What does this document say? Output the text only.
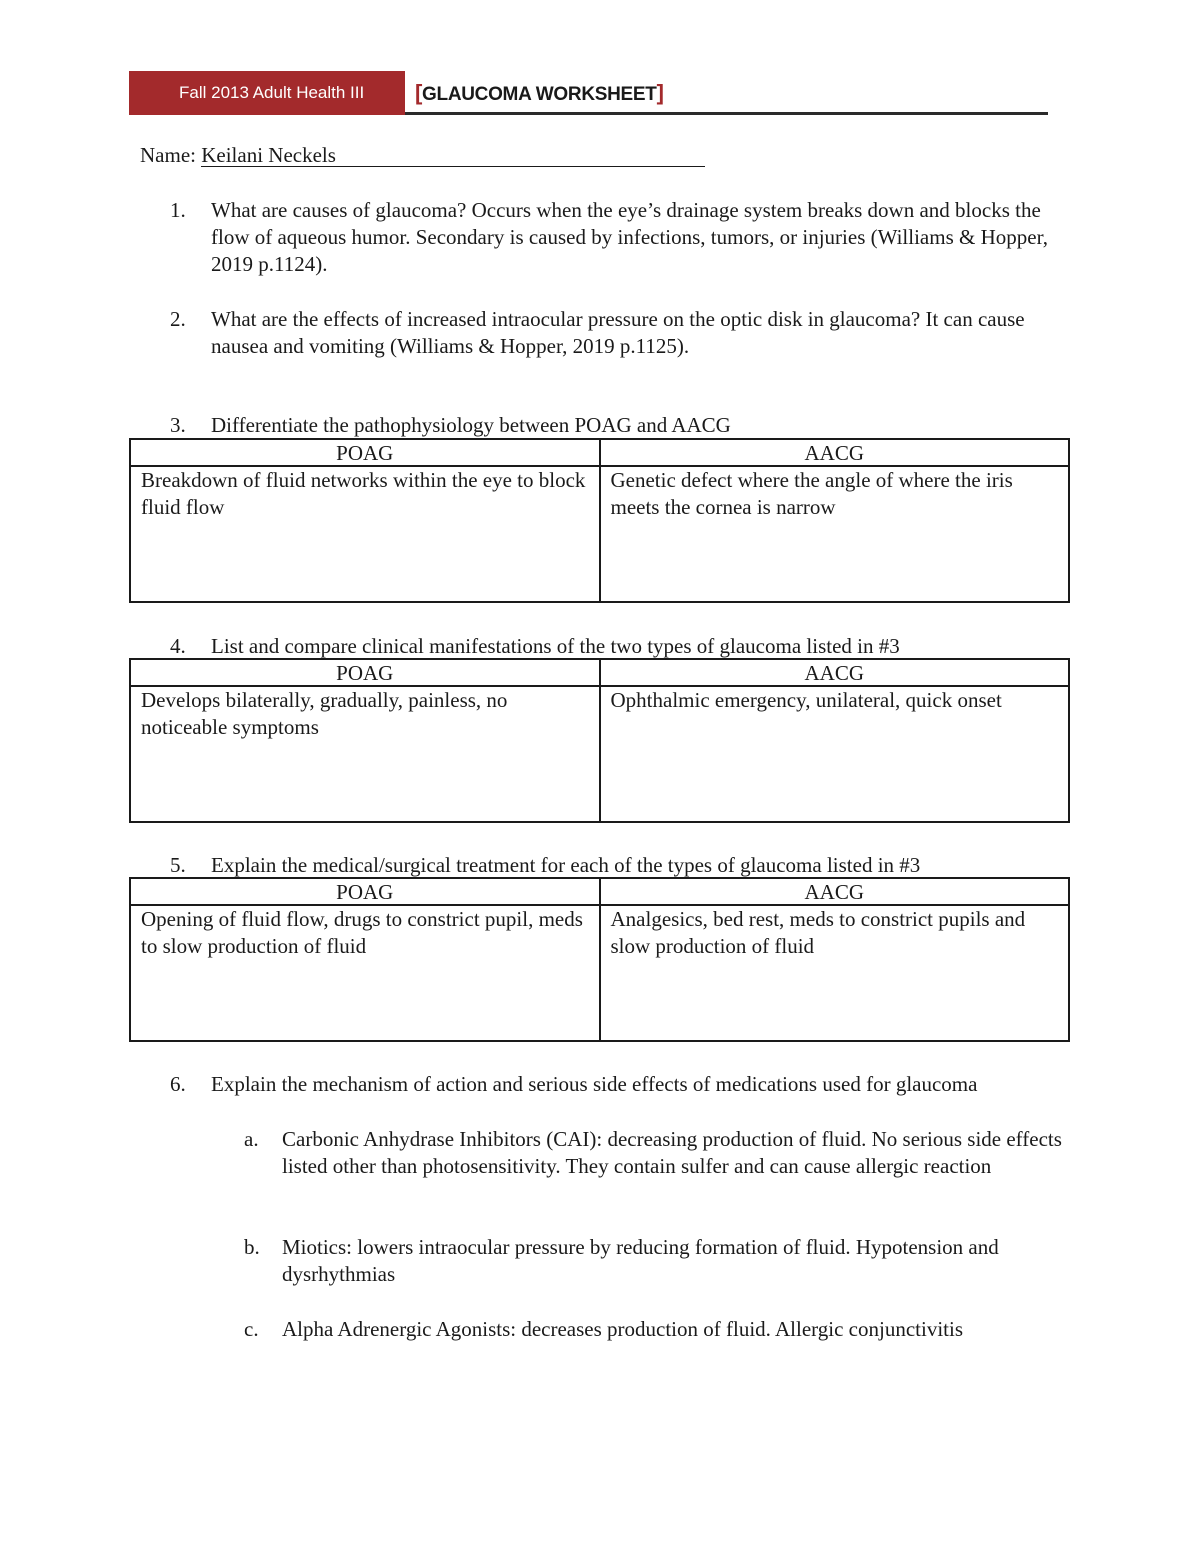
Fall 2013 Adult Health III	[GLAUCOMA WORKSHEET]
Name: Keilani Neckels
1.	What are causes of glaucoma? Occurs when the eye’s drainage system breaks down and blocks the flow of aqueous humor. Secondary is caused by infections, tumors, or injuries (Williams & Hopper, 2019 p.1124).
2.	What are the effects of increased intraocular pressure on the optic disk in glaucoma? It can cause nausea and vomiting (Williams & Hopper, 2019 p.1125).
3.	Differentiate the pathophysiology between POAG and AACG
POAG	AACG
Breakdown of fluid networks within the eye to block fluid flow	Genetic defect where the angle of where the iris meets the cornea is narrow
4.	List and compare clinical manifestations of the two types of glaucoma listed in #3
POAG	AACG
Develops bilaterally, gradually, painless, no noticeable symptoms	Ophthalmic emergency, unilateral, quick onset
5.	Explain the medical/surgical treatment for each of the types of glaucoma listed in #3
POAG	AACG
Opening of fluid flow, drugs to constrict pupil, meds to slow production of fluid	Analgesics, bed rest, meds to constrict pupils and slow production of fluid
6.	Explain the mechanism of action and serious side effects of medications used for glaucoma
a.	Carbonic Anhydrase Inhibitors (CAI): decreasing production of fluid. No serious side effects listed other than photosensitivity. They contain sulfer and can cause allergic reaction
b.	Miotics: lowers intraocular pressure by reducing formation of fluid. Hypotension and dysrhythmias
c.	Alpha Adrenergic Agonists: decreases production of fluid. Allergic conjunctivitis
